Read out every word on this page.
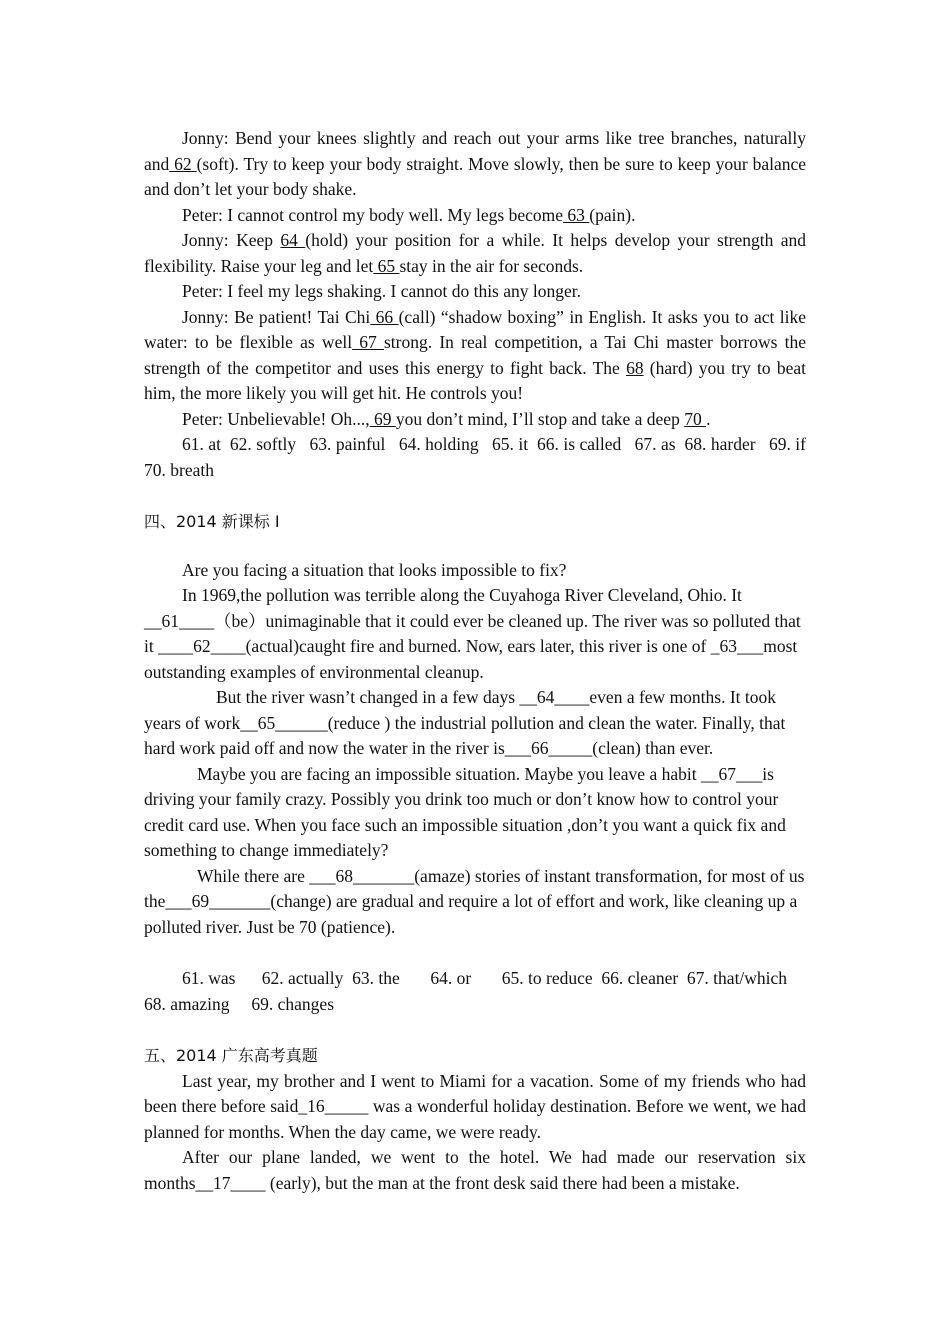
Jonny: Bend your knees slightly and reach out your arms like tree branches, naturally and 62 (soft). Try to keep your body straight. Move slowly, then be sure to keep your balance and don’t let your body shake.

Peter: I cannot control my body well. My legs become 63 (pain).

Jonny: Keep 64 (hold) your position for a while. It helps develop your strength and flexibility. Raise your leg and let 65 stay in the air for seconds.

Peter: I feel my legs shaking. I cannot do this any longer.

Jonny: Be patient! Tai Chi 66 (call) “shadow boxing” in English. It asks you to act like water: to be flexible as well 67 strong. In real competition, a Tai Chi master borrows the strength of the competitor and uses this energy to fight back. The 68 (hard) you try to beat him, the more likely you will get hit. He controls you!

Peter: Unbelievable! Oh..., 69 you don’t mind, I’ll stop and take a deep 70 .

61. at  62. softly   63. painful   64. holding   65. it  66. is called   67. as  68. harder   69. if   70. breath

四、2014 新课标 I

Are you facing a situation that looks impossible to fix?

In 1969,the pollution was terrible along the Cuyahoga River Cleveland, Ohio. It __61____（be）unimaginable that it could ever be cleaned up. The river was so polluted that it ____62____(actual)caught fire and burned. Now, ears later, this river is one of _63___most outstanding examples of environmental cleanup.

But the river wasn’t changed in a few days __64____even a few months. It took years of work__65______(reduce ) the industrial pollution and clean the water. Finally, that hard work paid off and now the water in the river is___66_____(clean) than ever.

Maybe you are facing an impossible situation. Maybe you leave a habit __67___is driving your family crazy. Possibly you drink too much or don’t know how to control your credit card use. When you face such an impossible situation ,don’t you want a quick fix and something to change immediately?

While there are ___68_______(amaze) stories of instant transformation, for most of us the___69_______(change) are gradual and require a lot of effort and work, like cleaning up a polluted river. Just be 70 (patience).

61. was      62. actually  63. the       64. or       65. to reduce  66. cleaner  67. that/which   68. amazing     69. changes

五、2014 广东高考真题

Last year, my brother and I went to Miami for a vacation. Some of my friends who had been there before said_16_____ was a wonderful holiday destination. Before we went, we had planned for months. When the day came, we were ready.

After our plane landed, we went to the hotel. We had made our reservation six months__17____ (early), but the man at the front desk said there had been a mistake.
